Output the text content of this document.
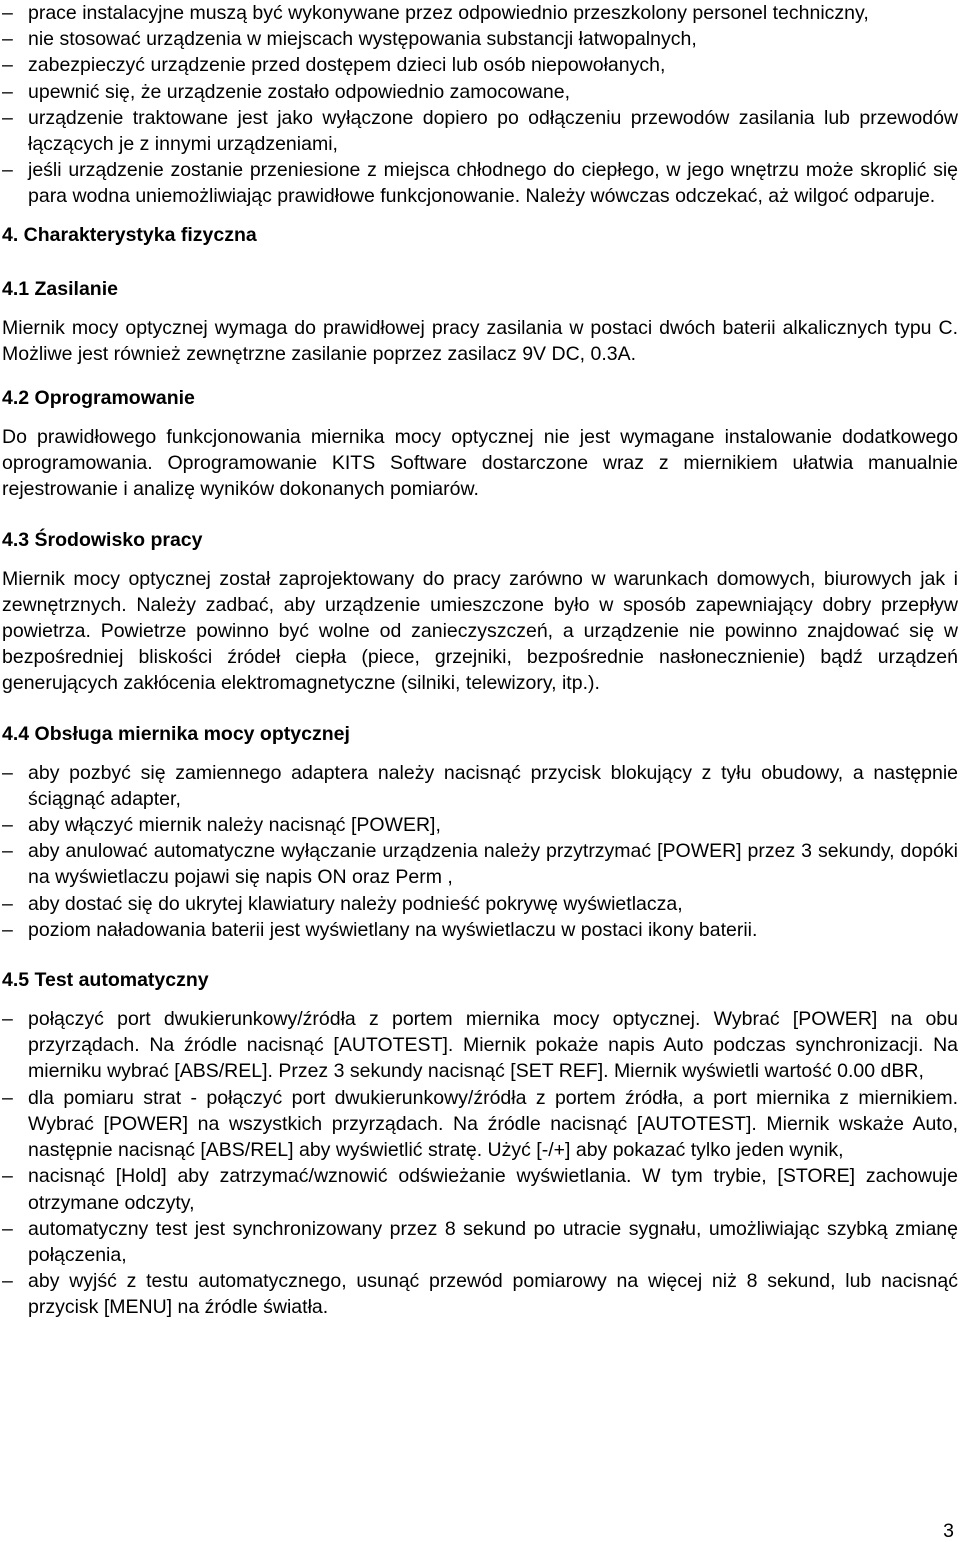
– prace instalacyjne muszą być wykonywane przez odpowiednio przeszkolony personel techniczny,
– nie stosować urządzenia w miejscach występowania substancji łatwopalnych,
– zabezpieczyć urządzenie przed dostępem dzieci lub osób niepowołanych,
– upewnić się, że urządzenie zostało odpowiednio zamocowane,
– urządzenie traktowane jest jako wyłączone dopiero po odłączeniu przewodów zasilania lub przewodów łączących je z innymi urządzeniami,
– jeśli urządzenie zostanie przeniesione z miejsca chłodnego do ciepłego, w jego wnętrzu może skroplić się para wodna uniemożliwiając prawidłowe funkcjonowanie. Należy wówczas odczekać, aż wilgoć odparuje.
4. Charakterystyka fizyczna
4.1 Zasilanie

Miernik mocy optycznej wymaga do prawidłowej pracy zasilania w postaci dwóch baterii alkalicznych typu C. Możliwe jest również zewnętrzne zasilanie poprzez zasilacz 9V DC, 0.3A.

4.2 Oprogramowanie

Do prawidłowego funkcjonowania miernika mocy optycznej nie jest wymagane instalowanie dodatkowego oprogramowania. Oprogramowanie KITS Software dostarczone wraz z miernikiem ułatwia manualnie rejestrowanie i analizę wyników dokonanych pomiarów.

4.3 Środowisko pracy

Miernik mocy optycznej został zaprojektowany do pracy zarówno w warunkach domowych, biurowych jak i zewnętrznych. Należy zadbać, aby urządzenie umieszczone było w sposób zapewniający dobry przepływ powietrza. Powietrze powinno być wolne od zanieczyszczeń, a urządzenie nie powinno znajdować się w bezpośredniej bliskości źródeł ciepła (piece, grzejniki, bezpośrednie nasłonecznienie) bądź urządzeń generujących zakłócenia elektromagnetyczne (silniki, telewizory, itp.).

4.4 Obsługa miernika mocy optycznej
– aby pozbyć się zamiennego adaptera należy nacisnąć przycisk blokujący z tyłu obudowy, a następnie ściągnąć adapter,
– aby włączyć miernik należy nacisnąć [POWER],
– aby anulować automatyczne wyłączanie urządzenia należy przytrzymać [POWER] przez 3 sekundy, dopóki na wyświetlaczu pojawi się napis ON oraz Perm ,
– aby dostać się do ukrytej klawiatury należy podnieść pokrywę wyświetlacza,
– poziom naładowania baterii jest wyświetlany na wyświetlaczu w postaci ikony baterii.
4.5 Test automatyczny
– połączyć port dwukierunkowy/źródła z portem miernika mocy optycznej. Wybrać [POWER] na obu przyrządach. Na źródle nacisnąć [AUTOTEST]. Miernik pokaże napis Auto podczas synchronizacji. Na mierniku wybrać [ABS/REL]. Przez 3 sekundy nacisnąć [SET REF]. Miernik wyświetli wartość 0.00 dBR,
– dla pomiaru strat - połączyć port dwukierunkowy/źródła z portem źródła, a port miernika z miernikiem. Wybrać [POWER] na wszystkich przyrządach. Na źródle nacisnąć [AUTOTEST]. Miernik wskaże Auto, następnie nacisnąć [ABS/REL] aby wyświetlić stratę. Użyć [-/+] aby pokazać tylko jeden wynik,
– nacisnąć [Hold] aby zatrzymać/wznowić odświeżanie wyświetlania. W tym trybie, [STORE] zachowuje otrzymane odczyty,
– automatyczny test jest synchronizowany przez 8 sekund po utracie sygnału, umożliwiając szybką zmianę połączenia,
– aby wyjść z testu automatycznego, usunąć przewód pomiarowy na więcej niż 8 sekund, lub nacisnąć przycisk [MENU] na źródle światła.
3
